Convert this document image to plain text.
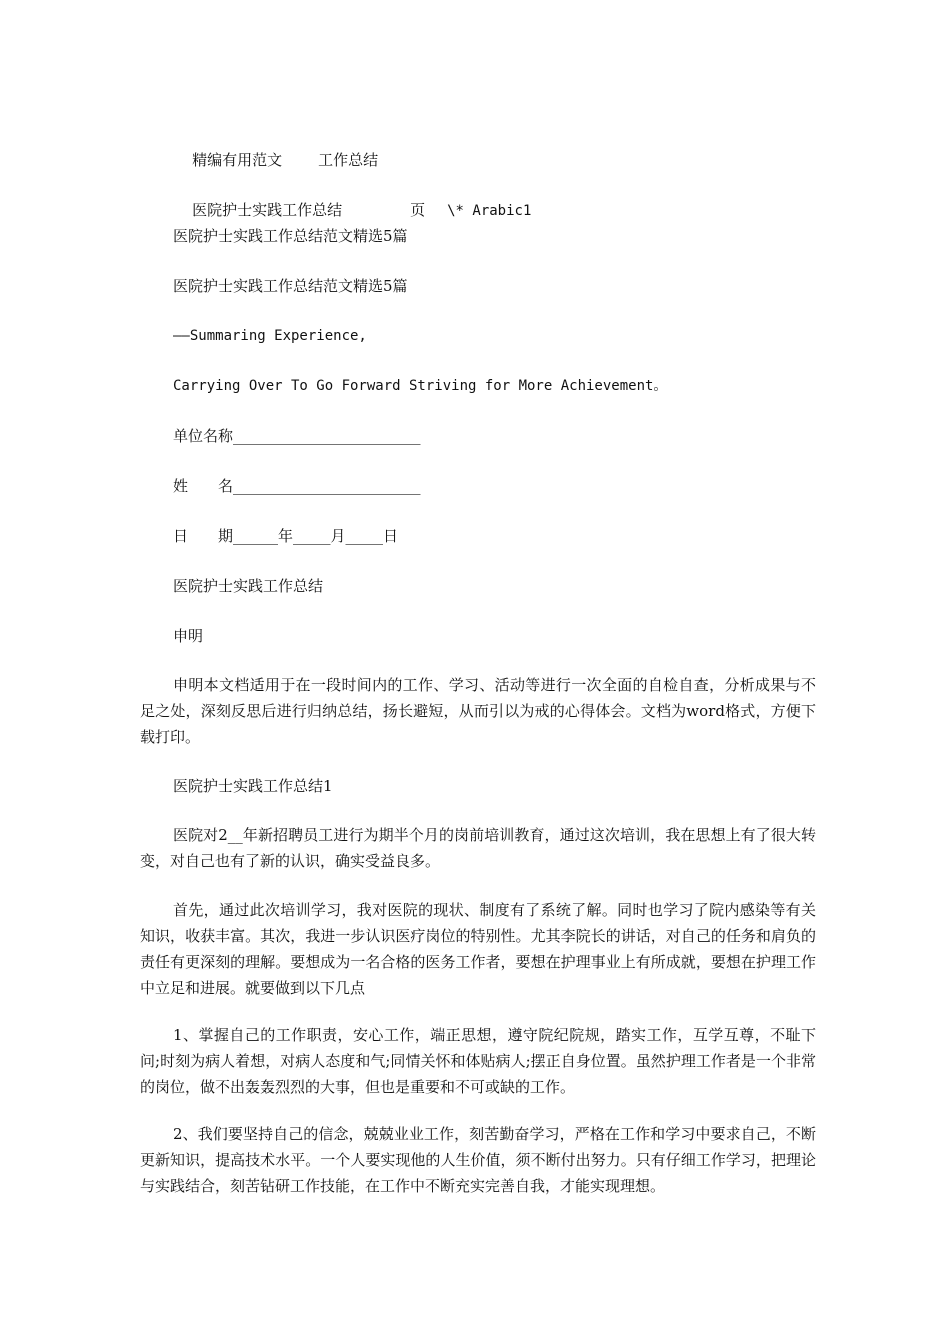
精编有用范文 工作总结

医院护士实践工作总结	页 \* Arabic1

医院护士实践工作总结范文精选5篇
医院护士实践工作总结范文精选5篇
——Summaring Experience,
Carrying Over To Go Forward Striving for More Achievement。
单位名称_________________________
姓　　名_________________________
日　　期______年_____月_____日
医院护士实践工作总结
申明
申明本文档适用于在一段时间内的工作、学习、活动等进行一次全面的自检自查，分析成果与不足之处，深刻反思后进行归纳总结，扬长避短，从而引以为戒的心得体会。文档为word格式，方便下载打印。
医院护士实践工作总结1
医院对2__年新招聘员工进行为期半个月的岗前培训教育，通过这次培训，我在思想上有了很大转变，对自己也有了新的认识，确实受益良多。
首先，通过此次培训学习，我对医院的现状、制度有了系统了解。同时也学习了院内感染等有关知识，收获丰富。其次，我进一步认识医疗岗位的特别性。尤其李院长的讲话，对自己的任务和肩负的责任有更深刻的理解。要想成为一名合格的医务工作者，要想在护理事业上有所成就，要想在护理工作中立足和进展。就要做到以下几点
1、掌握自己的工作职责，安心工作，端正思想，遵守院纪院规，踏实工作，互学互尊，不耻下问;时刻为病人着想，对病人态度和气;同情关怀和体贴病人;摆正自身位置。虽然护理工作者是一个非常的岗位，做不出轰轰烈烈的大事，但也是重要和不可或缺的工作。
2、我们要坚持自己的信念，兢兢业业工作，刻苦勤奋学习，严格在工作和学习中要求自己，不断更新知识，提高技术水平。一个人要实现他的人生价值，须不断付出努力。只有仔细工作学习，把理论与实践结合，刻苦钻研工作技能，在工作中不断充实完善自我，才能实现理想。
